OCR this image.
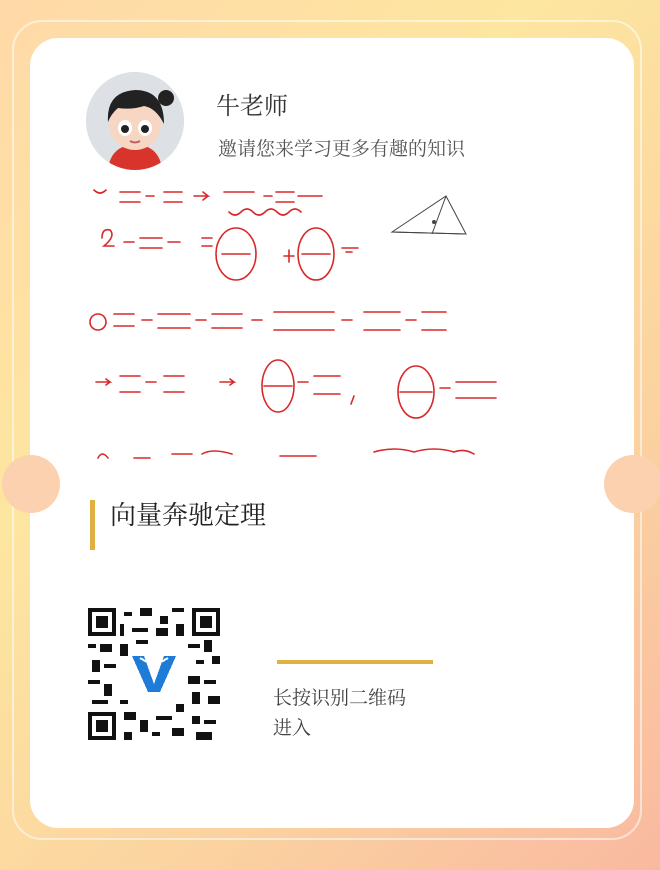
牛老师
邀请您来学习更多有趣的知识
向量奔驰定理
长按识别二维码
进入
